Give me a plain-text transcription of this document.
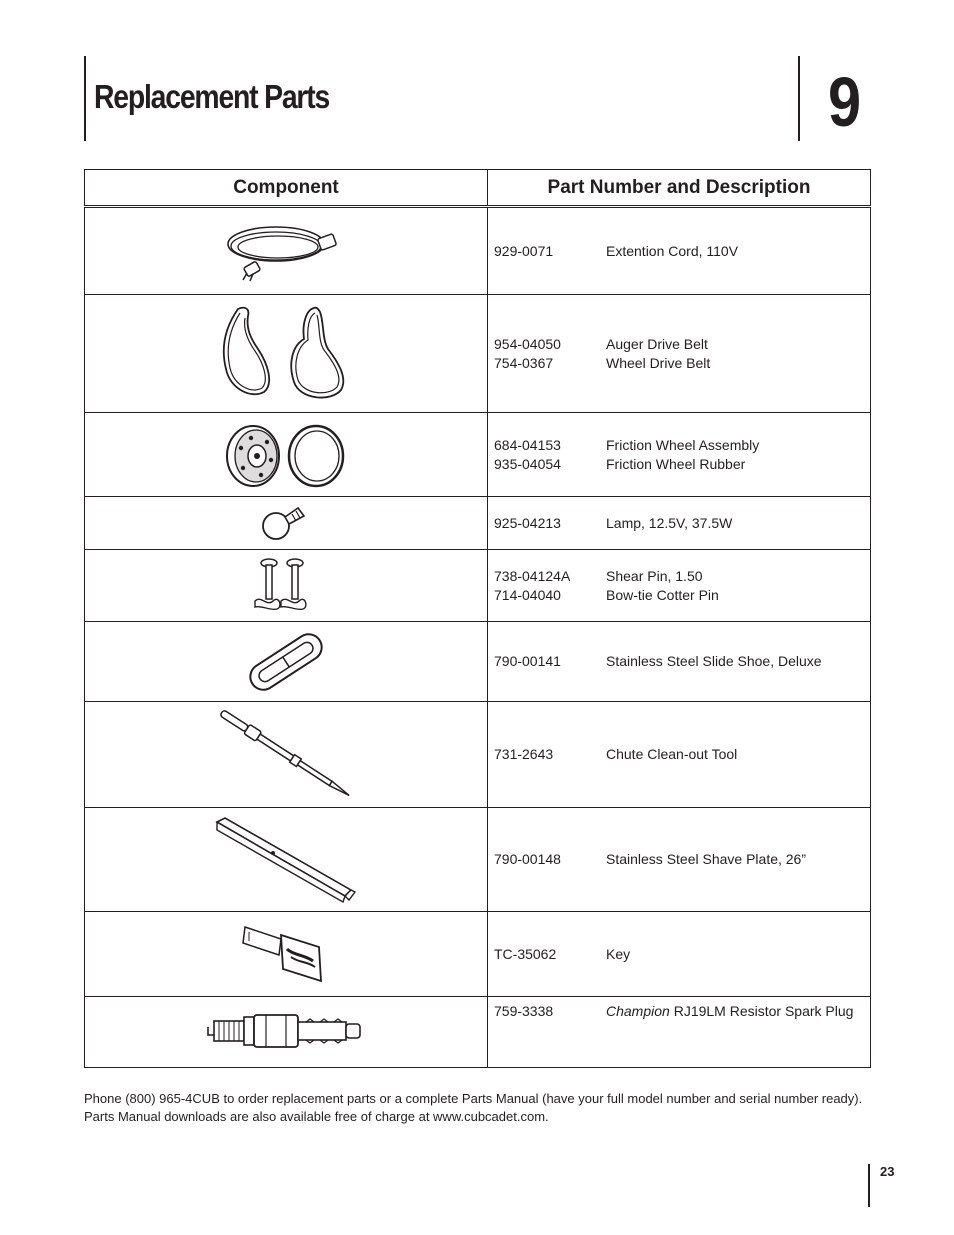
Replacement Parts	9
Component	Part Number and Description

929-0071 Extention Cord, 110V

954-04050 Auger Drive Belt
754-0367 Wheel Drive Belt

684-04153 Friction Wheel Assembly
935-04054 Friction Wheel Rubber

925-04213 Lamp, 12.5V, 37.5W

738-04124A Shear Pin, 1.50
714-04040 Bow-tie Cotter Pin

790-00141 Stainless Steel Slide Shoe, Deluxe

731-2643 Chute Clean-out Tool

790-00148 Stainless Steel Shave Plate, 26”

TC-35062 Key

759-3338 Champion RJ19LM Resistor Spark Plug
Phone (800) 965-4CUB to order replacement parts or a complete Parts Manual (have your full model number and serial number ready). Parts Manual downloads are also available free of charge at www.cubcadet.com.
23
